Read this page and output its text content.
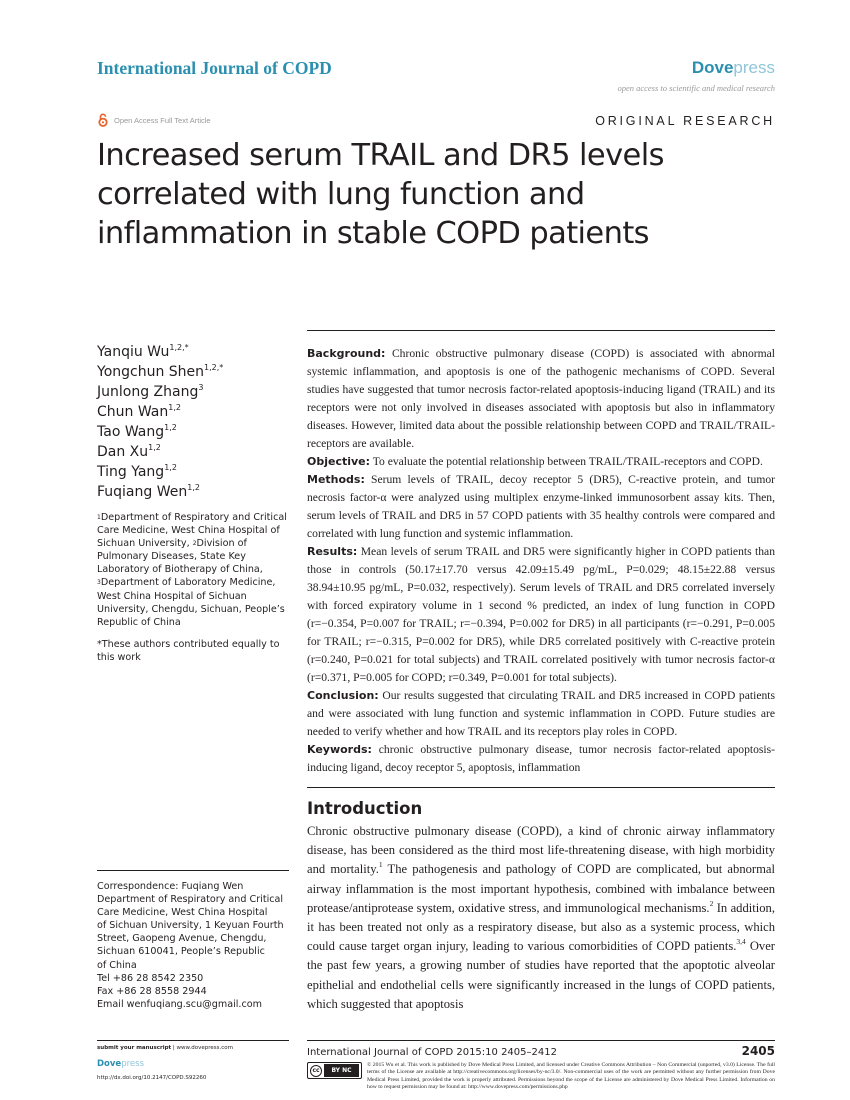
International Journal of COPD	Dovepress
open access to scientific and medical research
Open Access Full Text Article	ORIGINAL RESEARCH
Increased serum TRAIL and DR5 levels correlated with lung function and inflammation in stable COPD patients
Yanqiu $Wu^{1,2,*}$
Yongchun Shen$^{1,2,*}$
Junlong Zhang$^3$
Chun Wan$^{1,2}$
Tao Wang$^{1,2}$
Dan Xu$^{1,2}$
Ting Yang$^{1,2}$
Fuqiang Wen$^{1,2}$

$^1$Department of Respiratory and Critical Care Medicine, West China Hospital of Sichuan University, $^2$Division of Pulmonary Diseases, State Key Laboratory of Biotherapy of China, $^3$Department of Laboratory Medicine, West China Hospital of Sichuan University, Chengdu, Sichuan, People’s Republic of China

*These authors contributed equally to this work

Correspondence: Fuqiang Wen
Department of Respiratory and Critical
Care Medicine, West China Hospital
of Sichuan University, 1 Keyuan Fourth
Street, Gaopeng Avenue, Chengdu,
Sichuan 610041, People’s Republic
of China
Tel +86 28 8542 2350
Fax +86 28 8558 2944
Email wenfuqiang.scu@gmail.com

Background: Chronic obstructive pulmonary disease (COPD) is associated with abnormal systemic inflammation, and apoptosis is one of the pathogenic mechanisms of COPD. Several studies have suggested that tumor necrosis factor-related apoptosis-inducing ligand (TRAIL) and its receptors were not only involved in diseases associated with apoptosis but also in inflammatory diseases. However, limited data about the possible relationship between COPD and TRAIL/TRAIL-receptors are available.

Objective: To evaluate the potential relationship between TRAIL/TRAIL-receptors and COPD.

Methods: Serum levels of TRAIL, decoy receptor 5 (DR5), C-reactive protein, and tumor necrosis factor-α were analyzed using multiplex enzyme-linked immunosorbent assay kits. Then, serum levels of TRAIL and DR5 in 57 COPD patients with 35 healthy controls were compared and correlated with lung function and systemic inflammation.

Results: Mean levels of serum TRAIL and DR5 were significantly higher in COPD patients than those in controls (50.17±17.70 versus 42.09±15.49 pg/mL, P=0.029; 48.15±22.88 versus 38.94±10.95 pg/mL, P=0.032, respectively). Serum levels of TRAIL and DR5 correlated inversely with forced expiratory volume in 1 second % predicted, an index of lung function in COPD (r=−0.354, P=0.007 for TRAIL; r=−0.394, P=0.002 for DR5) in all participants (r=−0.291, P=0.005 for TRAIL; r=−0.315, P=0.002 for DR5), while DR5 correlated positively with C-reactive protein (r=0.240, P=0.021 for total subjects) and TRAIL correlated positively with tumor necrosis factor-α (r=0.371, P=0.005 for COPD; r=0.349, P=0.001 for total subjects).

Conclusion: Our results suggested that circulating TRAIL and DR5 increased in COPD patients and were associated with lung function and systemic inflammation in COPD. Future studies are needed to verify whether and how TRAIL and its receptors play roles in COPD.

Keywords: chronic obstructive pulmonary disease, tumor necrosis factor-related apoptosis-inducing ligand, decoy receptor 5, apoptosis, inflammation

Introduction

Chronic obstructive pulmonary disease (COPD), a kind of chronic airway inflammatory disease, has been considered as the third most life-threatening disease, with high morbidity and mortality.$^1$ The pathogenesis and pathology of COPD are complicated, but abnormal airway inflammation is the most important hypothesis, combined with imbalance between protease/antiprotease system, oxidative stress, and immunological mechanisms.$^2$ In addition, it has been treated not only as a respiratory disease, but also as a systemic process, which could cause target organ injury, leading to various comorbidities of COPD patients.$^{3,4}$ Over the past few years, a growing number of studies have reported that the apoptotic alveolar epithelial and endothelial cells were significantly increased in the lungs of COPD patients, which suggested that apoptosis

submit your manuscript | www.dovepress.com
Dovepress
http://dx.doi.org/10.2147/COPD.S92260
International Journal of COPD 2015:10 2405–2412	2405
cc	BY NC

© 2015 Wu et al. This work is published by Dove Medical Press Limited, and licensed under Creative Commons Attribution – Non Commercial (unported, v3.0) License. The full terms of the License are available at http://creativecommons.org/licenses/by-nc/3.0/. Non-commercial uses of the work are permitted without any further permission from Dove Medical Press Limited, provided the work is properly attributed. Permissions beyond the scope of the License are administered by Dove Medical Press Limited. Information on how to request permission may be found at: http://www.dovepress.com/permissions.php
